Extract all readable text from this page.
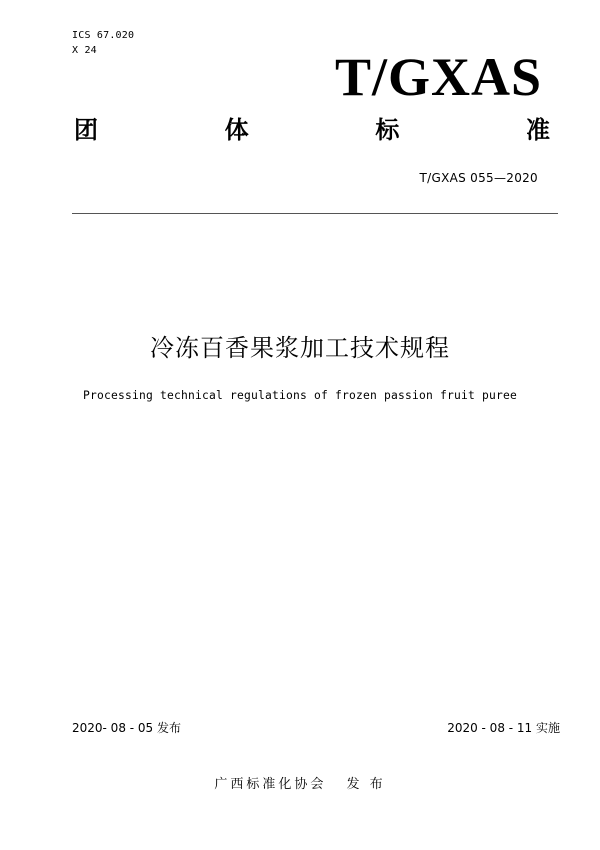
ICS 67.020
X 24	T/GXAS
团	体	标	准
T/GXAS 055—2020
冷冻百香果浆加工技术规程
Processing technical regulations of frozen passion fruit puree
2020- 08 - 05 发布	2020 - 08 - 11 实施
广西标准化协会 发 布
